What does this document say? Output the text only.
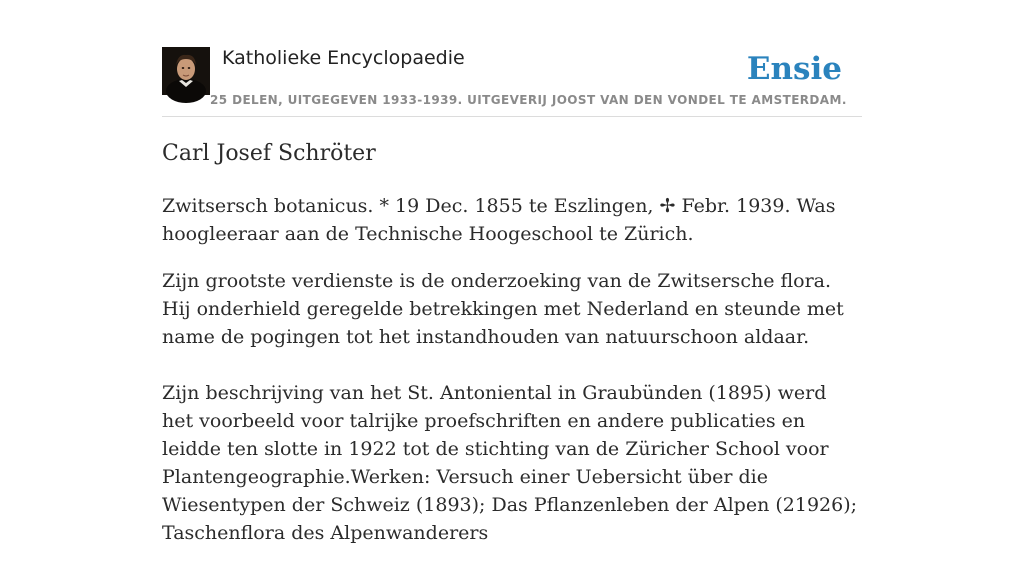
Katholieke Encyclopaedie
25 DELEN, UITGEGEVEN 1933-1939. UITGEVERIJ JOOST VAN DEN VONDEL TE AMSTERDAM.
Ensie
Carl Josef Schröter

Zwitsersch botanicus. * 19 Dec. 1855 te Eszlingen, ✢ Febr. 1939. Was hoogleeraar aan de Technische Hoogeschool te Zürich.

Zijn grootste verdienste is de onderzoeking van de Zwitsersche flora. Hij onderhield geregelde betrekkingen met Nederland en steunde met name de pogingen tot het instandhouden van natuurschoon aldaar.

Zijn beschrijving van het St. Antoniental in Graubünden (1895) werd het voorbeeld voor talrijke proefschriften en andere publicaties en leidde ten slotte in 1922 tot de stichting van de Züricher School voor Plantengeographie.Werken: Versuch einer Uebersicht über die Wiesentypen der Schweiz (1893); Das Pflanzenleben der Alpen (21926); Taschenflora des Alpenwanderers
